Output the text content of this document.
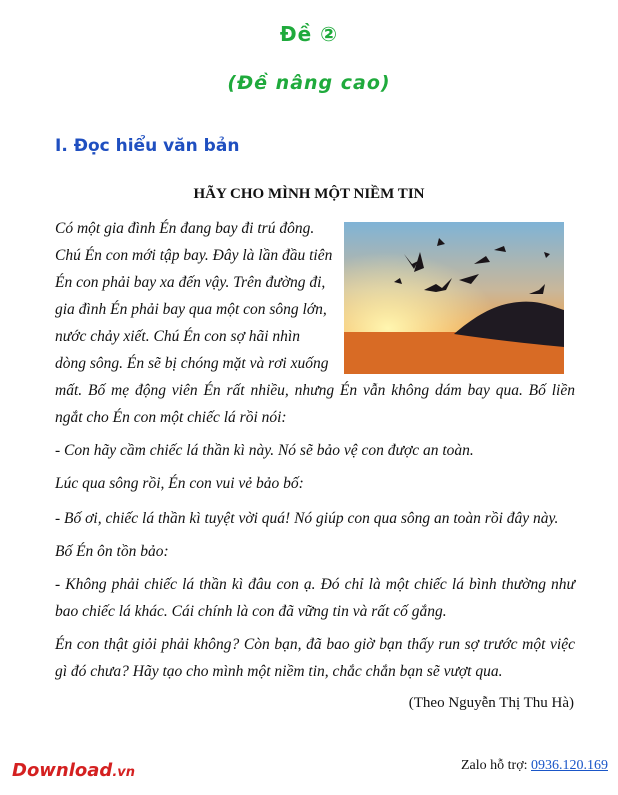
Đề ②
(Đề nâng cao)
I. Đọc hiểu văn bản
HÃY CHO MÌNH MỘT NIỀM TIN
Có một gia đình Én đang bay đi trú đông.
Chú Én con mới tập bay. Đây là lần đầu tiên
Én con phải bay xa đến vậy. Trên đường đi,
gia đình Én phải bay qua một con sông lớn,
nước chảy xiết. Chú Én con sợ hãi nhìn
dòng sông. Én sẽ bị chóng mặt và rơi xuống
mất. Bố mẹ động viên Én rất nhiều, nhưng Én vẫn không dám bay qua. Bố liền
ngắt cho Én con một chiếc lá rồi nói:
- Con hãy cầm chiếc lá thần kì này. Nó sẽ bảo vệ con được an toàn.
Lúc qua sông rồi, Én con vui vẻ bảo bố:
- Bố ơi, chiếc lá thần kì tuyệt vời quá! Nó giúp con qua sông an toàn rồi đây này.
Bố Én ôn tồn bảo:
- Không phải chiếc lá thần kì đâu con ạ. Đó chỉ là một chiếc lá bình thường như
bao chiếc lá khác. Cái chính là con đã vững tin và rất cố gắng.
Én con thật giỏi phải không? Còn bạn, đã bao giờ bạn thấy run sợ trước một việc
gì đó chưa? Hãy tạo cho mình một niềm tin, chắc chắn bạn sẽ vượt qua.
(Theo Nguyễn Thị Thu Hà)
Download.vn	Zalo hỗ trợ: 0936.120.169
